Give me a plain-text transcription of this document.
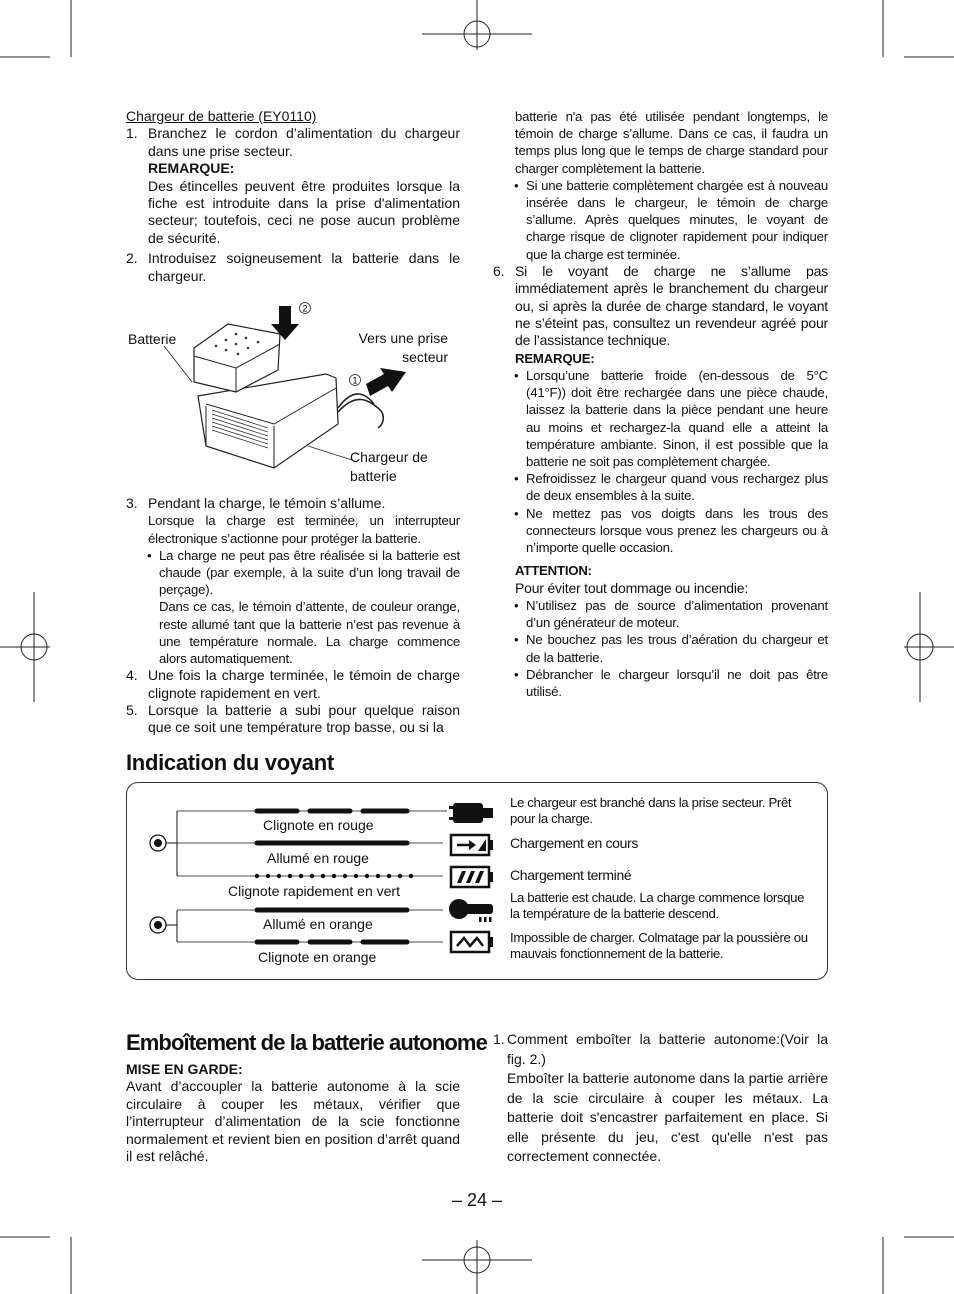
Chargeur de batterie (EY0110)
1. Branchez le cordon d’alimentation du chargeur dans une prise secteur.
REMARQUE:
Des étincelles peuvent être produites lorsque la fiche est introduite dans la prise d'alimentation secteur; toutefois, ceci ne pose aucun problème de sécurité.
2. Introduisez soigneusement la batterie dans le chargeur.
2
1
Batterie	Vers une prise secteur
Chargeur de batterie
3. Pendant la charge, le témoin s’allume.
Lorsque la charge est terminée, un interrupteur électronique s’actionne pour protéger la batterie.
• La charge ne peut pas être réalisée si la batterie est chaude (par exemple, à la suite d’un long travail de perçage).
Dans ce cas, le témoin d’attente, de couleur orange, reste allumé tant que la batterie n’est pas revenue à une température normale. La charge commence alors automatiquement.
4. Une fois la charge terminée, le témoin de charge clignote rapidement en vert.
5. Lorsque la batterie a subi pour quelque raison que ce soit une température trop basse, ou si la
batterie n'a pas été utilisée pendant longtemps, le témoin de charge s’allume. Dans ce cas, il faudra un temps plus long que le temps de charge standard pour charger complètement la batterie.
• Si une batterie complètement chargée est à nouveau insérée dans le chargeur, le témoin de charge s’allume. Après quelques minutes, le voyant de charge risque de clignoter rapidement pour indiquer que la charge est terminée.
6. Si le voyant de charge ne s’allume pas immédiatement après le branchement du chargeur ou, si après la durée de charge standard, le voyant ne s’éteint pas, consultez un revendeur agréé pour de l’assistance technique.
REMARQUE:
• Lorsqu’une batterie froide (en-dessous de 5°C (41°F)) doit être rechargée dans une pièce chaude, laissez la batterie dans la pièce pendant une heure au moins et rechargez-la quand elle a atteint la température ambiante. Sinon, il est possible que la batterie ne soit pas complètement chargée.
• Refroidissez le chargeur quand vous rechargez plus de deux ensembles à la suite.
• Ne mettez pas vos doigts dans les trous des connecteurs lorsque vous prenez les chargeurs ou à n’importe quelle occasion.
ATTENTION:
Pour éviter tout dommage ou incendie:
• N’utilisez pas de source d’alimentation provenant d’un générateur de moteur.
• Ne bouchez pas les trous d’aération du chargeur et de la batterie.
• Débrancher le chargeur lorsqu’il ne doit pas être utilisé.
Indication du voyant
Clignote en rouge
Allumé en rouge
Clignote rapidement en vert
Allumé en orange
Clignote en orange
Le chargeur est branché dans la prise secteur. Prêt pour la charge.
Chargement en cours
Chargement terminé
La batterie est chaude. La charge commence lorsque la température de la batterie descend.
Impossible de charger. Colmatage par la poussière ou mauvais fonctionnement de la batterie.
Emboîtement de la batterie autonome
MISE EN GARDE:
Avant d’accoupler la batterie autonome à la scie circulaire à couper les métaux, vérifier que l’interrupteur d’alimentation de la scie fonctionne normalement et revient bien en position d’arrêt quand il est relâché.
1. Comment emboîter la batterie autonome:(Voir la fig. 2.)
Emboîter la batterie autonome dans la partie arrière de la scie circulaire à couper les métaux. La batterie doit s'encastrer parfaitement en place. Si elle présente du jeu, c'est qu'elle n'est pas correctement connectée.
– 24 –
